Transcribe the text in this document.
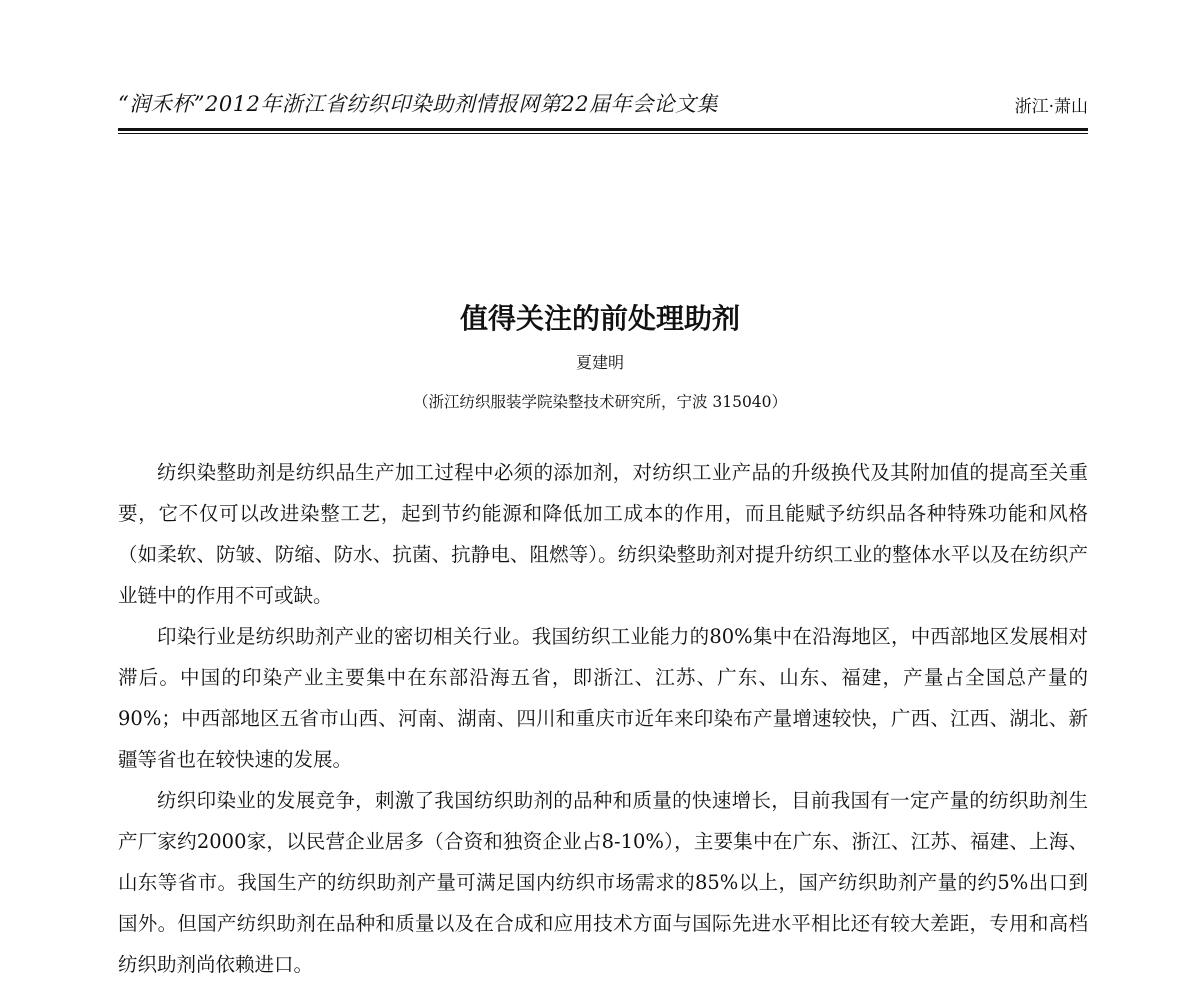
“润禾杯”2012年浙江省纺织印染助剂情报网第22届年会论文集	浙江·萧山
值得关注的前处理助剂
夏建明
（浙江纺织服装学院染整技术研究所，宁波 315040）

纺织染整助剂是纺织品生产加工过程中必须的添加剂，对纺织工业产品的升级换代及其附加值的提高至关重要，它不仅可以改进染整工艺，起到节约能源和降低加工成本的作用，而且能赋予纺织品各种特殊功能和风格（如柔软、防皱、防缩、防水、抗菌、抗静电、阻燃等）。纺织染整助剂对提升纺织工业的整体水平以及在纺织产业链中的作用不可或缺。

印染行业是纺织助剂产业的密切相关行业。我国纺织工业能力的80%集中在沿海地区，中西部地区发展相对滞后。中国的印染产业主要集中在东部沿海五省，即浙江、江苏、广东、山东、福建，产量占全国总产量的90%；中西部地区五省市山西、河南、湖南、四川和重庆市近年来印染布产量增速较快，广西、江西、湖北、新疆等省也在较快速的发展。

纺织印染业的发展竞争，刺激了我国纺织助剂的品种和质量的快速增长，目前我国有一定产量的纺织助剂生产厂家约2000家，以民营企业居多（合资和独资企业占8-10%），主要集中在广东、浙江、江苏、福建、上海、山东等省市。我国生产的纺织助剂产量可满足国内纺织市场需求的85%以上，国产纺织助剂产量的约5%出口到国外。但国产纺织助剂在品种和质量以及在合成和应用技术方面与国际先进水平相比还有较大差距，专用和高档纺织助剂尚依赖进口。
